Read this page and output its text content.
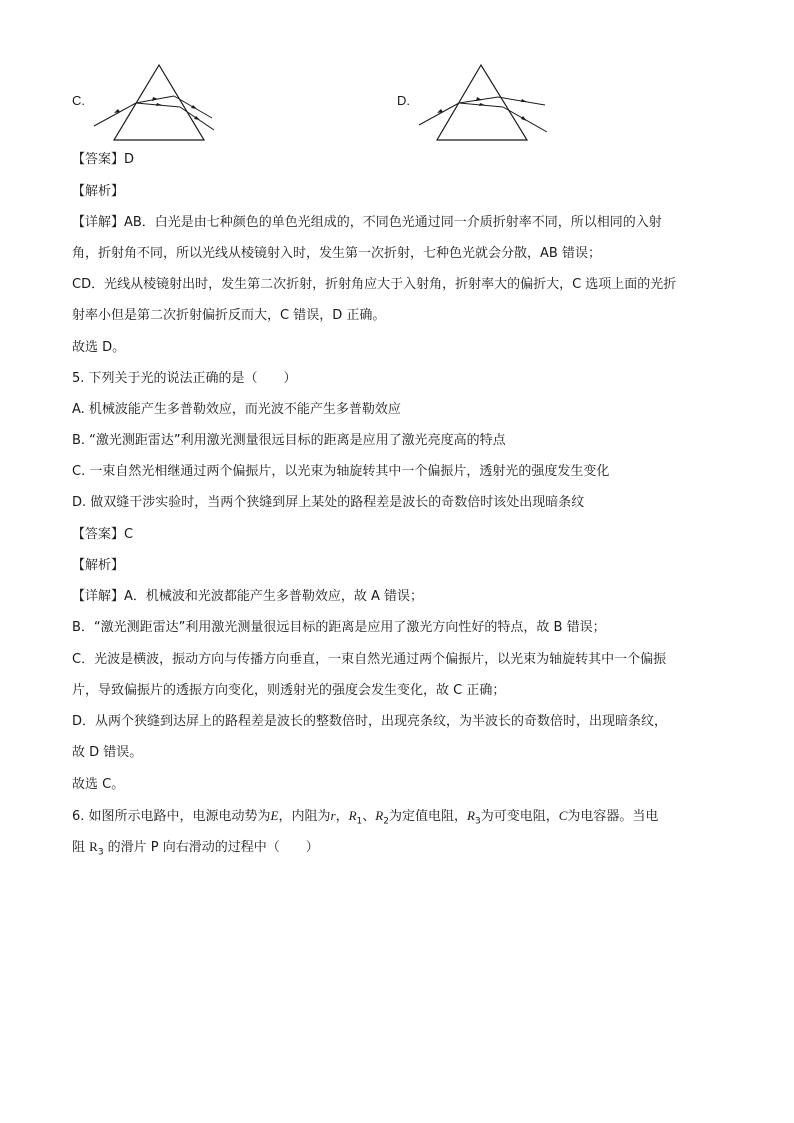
C.	D.
【答案】D
【解析】
【详解】AB．白光是由七种颜色的单色光组成的，不同色光通过同一介质折射率不同，所以相同的入射
角，折射角不同，所以光线从棱镜射入时，发生第一次折射，七种色光就会分散，AB 错误；
CD．光线从棱镜射出时，发生第二次折射，折射角应大于入射角，折射率大的偏折大，C 选项上面的光折
射率小但是第二次折射偏折反而大，C 错误，D 正确。
故选 D。
5. 下列关于光的说法正确的是（　　）
A. 机械波能产生多普勒效应，而光波不能产生多普勒效应
B. “激光测距雷达”利用激光测量很远目标的距离是应用了激光亮度高的特点
C. 一束自然光相继通过两个偏振片，以光束为轴旋转其中一个偏振片，透射光的强度发生变化
D. 做双缝干涉实验时，当两个狭缝到屏上某处的路程差是波长的奇数倍时该处出现暗条纹
【答案】C
【解析】
【详解】A．机械波和光波都能产生多普勒效应，故 A 错误；
B．“激光测距雷达”利用激光测量很远目标的距离是应用了激光方向性好的特点，故 B 错误；
C．光波是横波，振动方向与传播方向垂直，一束自然光通过两个偏振片，以光束为轴旋转其中一个偏振
片，导致偏振片的透振方向变化，则透射光的强度会发生变化，故 C 正确；
D．从两个狭缝到达屏上的路程差是波长的整数倍时，出现亮条纹，为半波长的奇数倍时，出现暗条纹，
故 D 错误。
故选 C。
6. 如图所示电路中，电源电动势为E，内阻为r，$R_1$、$R_2$为定值电阻，$R_3$为可变电阻，C为电容器。当电
阻 $R_3$ 的滑片 P 向右滑动的过程中（　　）
